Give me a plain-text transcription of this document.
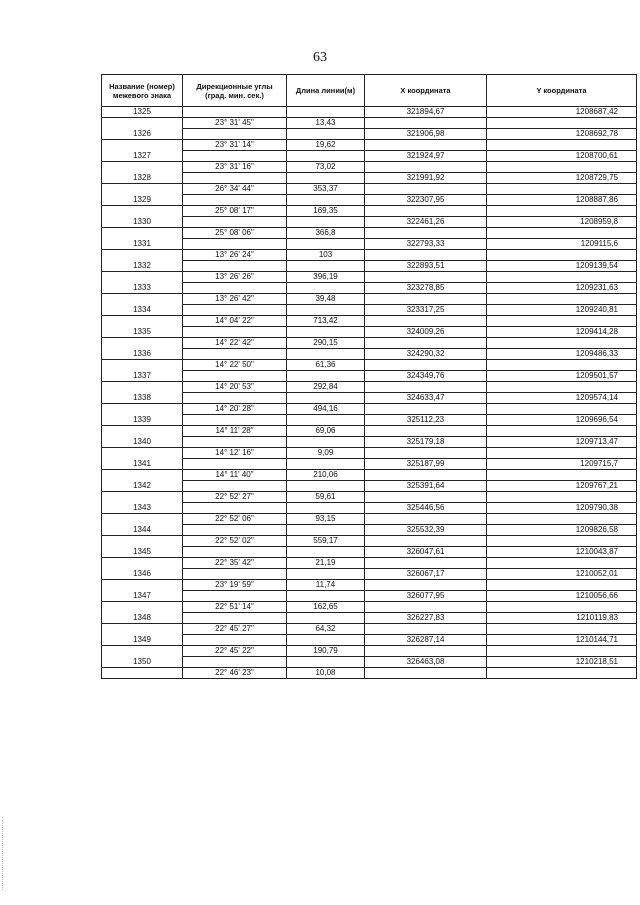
63
Название (номер) межевого знака	Дирекционные углы (град. мин. сек.)	Длина линии(м)	X координата	Y координата
1325			321894,67	1208687,42
	23° 31' 45"	13,43		
1326			321906,98	1208692,78
	23° 31' 14"	19,62		
1327			321924,97	1208700,61
	23° 31' 16"	73,02		
1328			321991,92	1208729,75
	26° 34' 44"	353,37		
1329			322307,95	1208887,86
	25° 08' 17"	169,35		
1330			322461,26	1208959,8
	25° 08' 06"	366,8		
1331			322793,33	1209115,6
	13° 26' 24"	103		
1332			322893,51	1209139,54
	13° 26' 26"	396,19		
1333			323278,85	1209231,63
	13° 26' 42"	39,48		
1334			323317,25	1209240,81
	14° 04' 22"	713,42		
1335			324009,26	1209414,28
	14° 22' 42"	290,15		
1336			324290,32	1209486,33
	14° 22' 50"	61,36		
1337			324349,76	1209501,57
	14° 20' 53"	292,84		
1338			324633,47	1209574,14
	14° 20' 28"	494,16		
1339			325112,23	1209696,54
	14° 11' 28"	69,06		
1340			325179,18	1209713,47
	14° 12' 16"	9,09		
1341			325187,99	1209715,7
	14° 11' 40"	210,06		
1342			325391,64	1209767,21
	22° 52' 27"	59,61		
1343			325446,56	1209790,38
	22° 52' 06"	93,15		
1344			325532,39	1209826,58
	22° 52' 02"	559,17		
1345			326047,61	1210043,87
	22° 35' 42"	21,19		
1346			326067,17	1210052,01
	23° 19' 59"	11,74		
1347			326077,95	1210056,66
	22° 51' 14"	162,65		
1348			326227,83	1210119,83
	22° 45' 27"	64,32		
1349			326287,14	1210144,71
	22° 45' 22"	190,79		
1350			326463,08	1210218,51
	22° 46' 23"	10,08		
